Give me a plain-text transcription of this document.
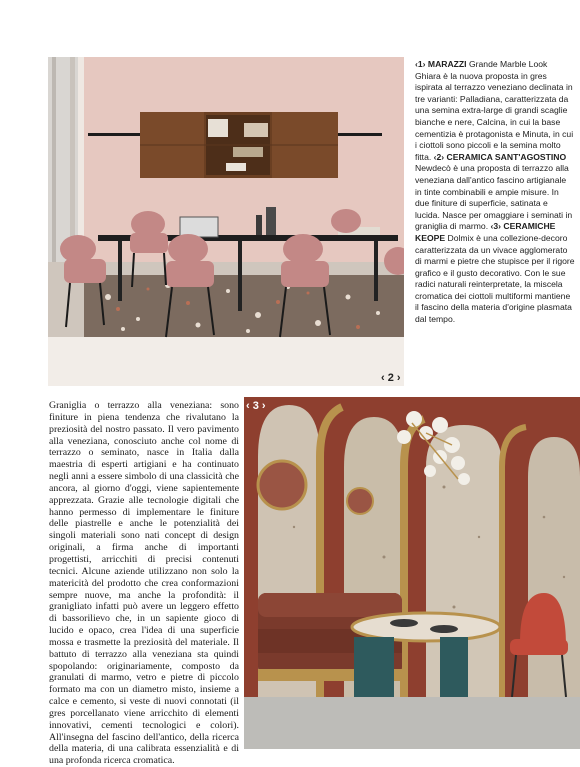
‹1› MARAZZI Grande Marble Look Ghiara è la nuova proposta in gres ispirata al terrazzo veneziano declinata in tre varianti: Palladiana, caratterizzata da una semina extra-large di grandi scaglie bianche e nere, Calcina, in cui la base cementizia è protagonista e Minuta, in cui i ciottoli sono piccoli e la semina molto fitta. ‹2› CERAMICA SANT'AGOSTINO Newdecò è una proposta di terrazzo alla veneziana dall'antico fascino artigianale in tinte combinabili e ampie misure. In due finiture di superficie, satinata e lucida. Nasce per omaggiare i seminati in graniglia di marmo. ‹3› CERAMICHE KEOPE Dolmix è una collezione-decoro caratterizzata da un vivace agglomerato di marmi e pietre che stupisce per il rigore grafico e il gusto decorativo. Con le sue radici naturali reinterpretate, la miscela cromatica dei ciottoli multiformi mantiene il fascino della materia d'origine plasmata dal tempo.

‹ 2 ›

Graniglia o terrazzo alla veneziana: sono finiture in piena tendenza che rivalutano la preziosità del nostro passato. Il vero pavimento alla veneziana, conosciuto anche col nome di terrazzo o seminato, nasce in Italia dalla maestria di esperti artigiani e ha continuato negli anni a essere simbolo di una classicità che ancora, al giorno d'oggi, viene sapientemente apprezzata. Grazie alle tecnologie digitali che hanno permesso di implementare le finiture delle piastrelle e anche le potenzialità dei singoli materiali sono nati concept di design originali, a firma anche di importanti progettisti, arricchiti di precisi contenuti tecnici. Alcune aziende utilizzano non solo la matericità del prodotto che crea conformazioni sempre nuove, ma anche la profondità: il granigliato infatti può avere un leggero effetto di bassorilievo che, in un sapiente gioco di lucido e opaco, crea l'idea di una superficie mossa e trasmette la preziosità del materiale. Il battuto di terrazzo alla veneziana sta quindi spopolando: originariamente, composto da granulati di marmo, vetro e pietre di piccolo formato ma con un diametro misto, insieme a calce e cemento, si veste di nuovi connotati (il gres porcellanato viene arricchito di elementi innovativi, cementi tecnologici e colori). All'insegna del fascino dell'antico, della ricerca della materia, di una calibrata essenzialità e di una profonda ricerca cromatica.

‹ 3 ›
